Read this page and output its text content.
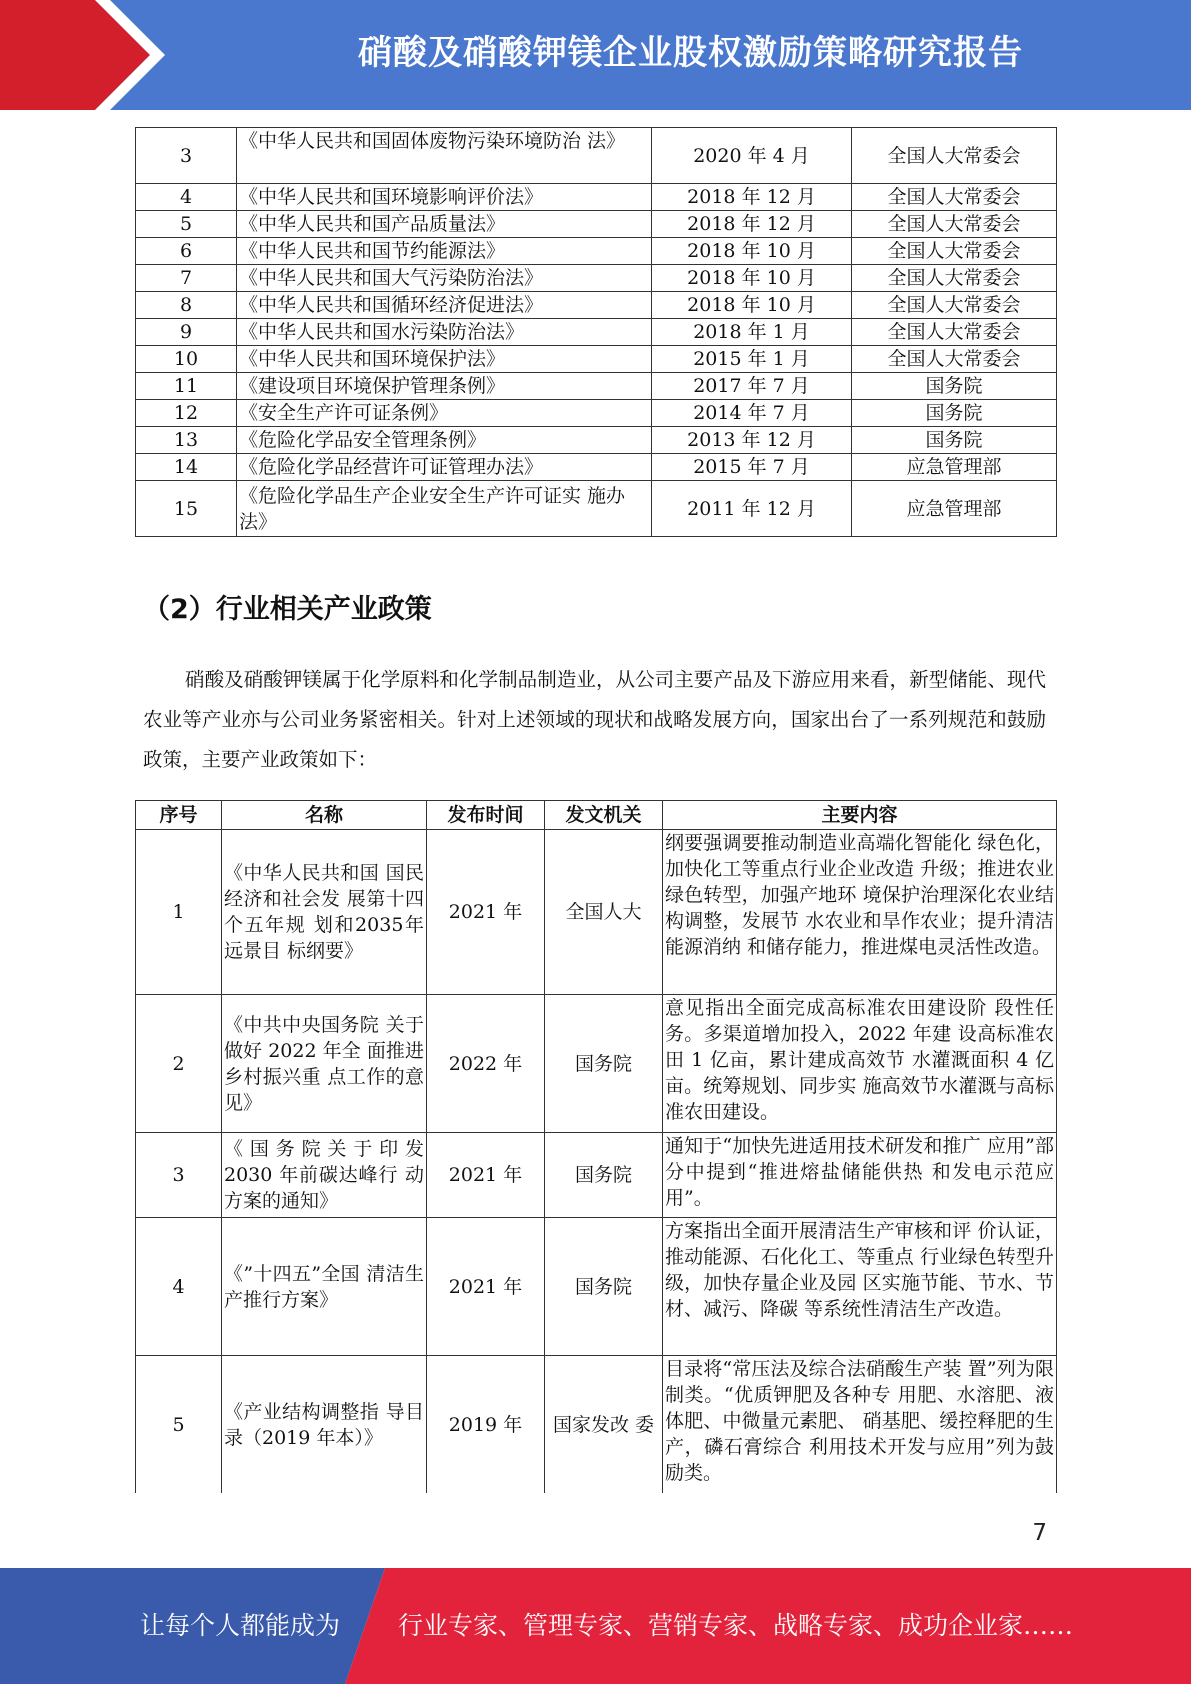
硝酸及硝酸钾镁企业股权激励策略研究报告
3	《中华人民共和国固体废物污染环境防治 法》	2020 年 4 月	全国人大常委会
4	《中华人民共和国环境影响评价法》	2018 年 12 月	全国人大常委会
5	《中华人民共和国产品质量法》	2018 年 12 月	全国人大常委会
6	《中华人民共和国节约能源法》	2018 年 10 月	全国人大常委会
7	《中华人民共和国大气污染防治法》	2018 年 10 月	全国人大常委会
8	《中华人民共和国循环经济促进法》	2018 年 10 月	全国人大常委会
9	《中华人民共和国水污染防治法》	2018 年 1 月	全国人大常委会
10	《中华人民共和国环境保护法》	2015 年 1 月	全国人大常委会
11	《建设项目环境保护管理条例》	2017 年 7 月	国务院
12	《安全生产许可证条例》	2014 年 7 月	国务院
13	《危险化学品安全管理条例》	2013 年 12 月	国务院
14	《危险化学品经营许可证管理办法》	2015 年 7 月	应急管理部
15	《危险化学品生产企业安全生产许可证实 施办法》	2011 年 12 月	应急管理部
（2）行业相关产业政策
硝酸及硝酸钾镁属于化学原料和化学制品制造业，从公司主要产品及下游应用来看，新型储能、现代农业等产业亦与公司业务紧密相关。针对上述领域的现状和战略发展方向，国家出台了一系列规范和鼓励政策，主要产业政策如下：
序号	名称	发布时间	发文机关	主要内容
1	《中华人民共和国 国民经济和社会发 展第十四个五年规 划和2035年远景目 标纲要》	2021 年	全国人大	纲要强调要推动制造业高端化智能化 绿色化，加快化工等重点行业企业改造 升级；推进农业绿色转型，加强产地环 境保护治理深化农业结构调整，发展节 水农业和旱作农业；提升清洁能源消纳 和储存能力，推进煤电灵活性改造。
2	《中共中央国务院 关于做好 2022 年全 面推进乡村振兴重 点工作的意见》	2022 年	国务院	意见指出全面完成高标准农田建设阶 段性任务。多渠道增加投入，2022 年建 设高标准农田 1 亿亩，累计建成高效节 水灌溉面积 4 亿亩。统筹规划、同步实 施高效节水灌溉与高标准农田建设。
3	《国务院关于印发 2030 年前碳达峰行 动方案的通知》	2021 年	国务院	通知于“加快先进适用技术研发和推广 应用”部分中提到“推进熔盐储能供热 和发电示范应用”。
4	《”十四五”全国 清洁生产推行方案》	2021 年	国务院	方案指出全面开展清洁生产审核和评 价认证，推动能源、石化化工、等重点 行业绿色转型升级，加快存量企业及园 区实施节能、节水、节材、减污、降碳 等系统性清洁生产改造。
5	《产业结构调整指 导目录（2019 年本）》	2019 年	国家发改 委	目录将“常压法及综合法硝酸生产装 置”列为限制类。“优质钾肥及各种专 用肥、水溶肥、液体肥、中微量元素肥、 硝基肥、缓控释肥的生产，磷石膏综合 利用技术开发与应用”列为鼓励类。
7
让每个人都能成为 行业专家、管理专家、营销专家、战略专家、成功企业家……
